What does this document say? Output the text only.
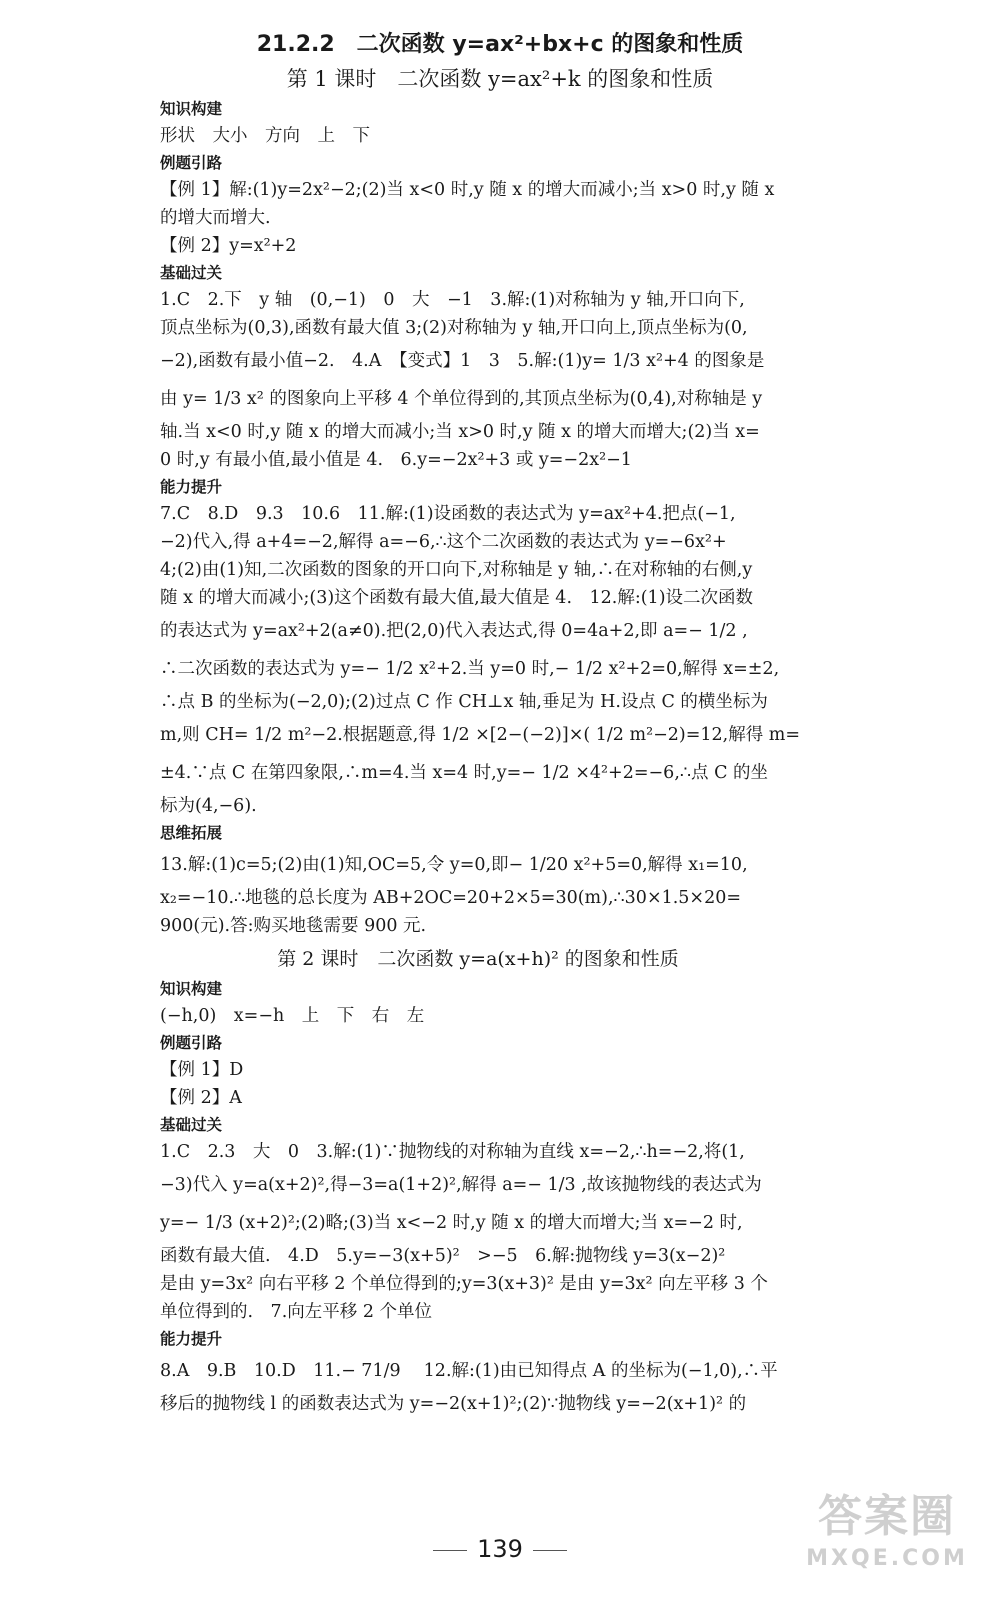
21.2.2　二次函数 y=ax²+bx+c 的图象和性质
第 1 课时　二次函数 y=ax²+k 的图象和性质

知识构建

形状　大小　方向　上　下

例题引路

【例 1】解:(1)y=2x²−2;(2)当 x<0 时,y 随 x 的增大而减小;当 x>0 时,y 随 x

的增大而增大.

【例 2】y=x²+2

基础过关

1.C　2.下　y 轴　(0,−1)　0　大　−1　3.解:(1)对称轴为 y 轴,开口向下,

顶点坐标为(0,3),函数有最大值 3;(2)对称轴为 y 轴,开口向上,顶点坐标为(0,

−2),函数有最小值−2.　4.A　【变式】1　3　5.解:(1)y= 1/3 x²+4 的图象是

由 y= 1/3 x² 的图象向上平移 4 个单位得到的,其顶点坐标为(0,4),对称轴是 y

轴.当 x<0 时,y 随 x 的增大而减小;当 x>0 时,y 随 x 的增大而增大;(2)当 x=

0 时,y 有最小值,最小值是 4.　6.y=−2x²+3 或 y=−2x²−1

能力提升

7.C　8.D　9.3　10.6　11.解:(1)设函数的表达式为 y=ax²+4.把点(−1,

−2)代入,得 a+4=−2,解得 a=−6,∴这个二次函数的表达式为 y=−6x²+

4;(2)由(1)知,二次函数的图象的开口向下,对称轴是 y 轴,∴在对称轴的右侧,y

随 x 的增大而减小;(3)这个函数有最大值,最大值是 4.　12.解:(1)设二次函数

的表达式为 y=ax²+2(a≠0).把(2,0)代入表达式,得 0=4a+2,即 a=− 1/2 ,

∴二次函数的表达式为 y=− 1/2 x²+2.当 y=0 时,− 1/2 x²+2=0,解得 x=±2,

∴点 B 的坐标为(−2,0);(2)过点 C 作 CH⊥x 轴,垂足为 H.设点 C 的横坐标为

m,则 CH= 1/2 m²−2.根据题意,得 1/2 ×[2−(−2)]×( 1/2 m²−2)=12,解得 m=

±4.∵点 C 在第四象限,∴m=4.当 x=4 时,y=− 1/2 ×4²+2=−6,∴点 C 的坐

标为(4,−6).

思维拓展

13.解:(1)c=5;(2)由(1)知,OC=5,令 y=0,即− 1/20 x²+5=0,解得 x₁=10,

x₂=−10.∴地毯的总长度为 AB+2OC=20+2×5=30(m),∴30×1.5×20=

900(元).答:购买地毯需要 900 元.

第 2 课时　二次函数 y=a(x+h)² 的图象和性质

知识构建

(−h,0)　x=−h　上　下　右　左

例题引路

【例 1】D

【例 2】A

基础过关

1.C　2.3　大　0　3.解:(1)∵抛物线的对称轴为直线 x=−2,∴h=−2,将(1,

−3)代入 y=a(x+2)²,得−3=a(1+2)²,解得 a=− 1/3 ,故该抛物线的表达式为

y=− 1/3 (x+2)²;(2)略;(3)当 x<−2 时,y 随 x 的增大而增大;当 x=−2 时,

函数有最大值.　4.D　5.y=−3(x+5)²　>−5　6.解:抛物线 y=3(x−2)²

是由 y=3x² 向右平移 2 个单位得到的;y=3(x+3)² 是由 y=3x² 向左平移 3 个

单位得到的.　7.向左平移 2 个单位

能力提升

8.A　9.B　10.D　11.− 71/9 　12.解:(1)由已知得点 A 的坐标为(−1,0),∴平

移后的抛物线 l 的函数表达式为 y=−2(x+1)²;(2)∵抛物线 y=−2(x+1)² 的

139
答案圈
MXQE.COM
